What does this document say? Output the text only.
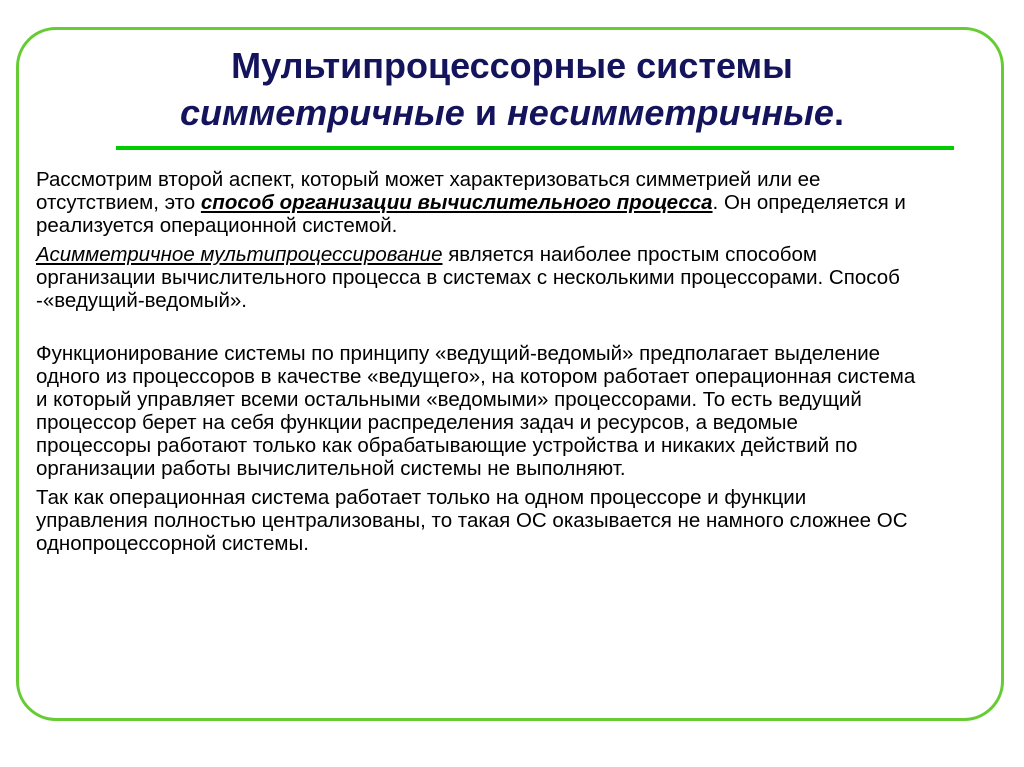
Мультипроцессорные системы
симметричные и несимметричные.

Рассмотрим второй аспект, который может характеризоваться симметрией или ее отсутствием, это способ организации вычислительного процесса. Он определяется и реализуется операционной системой.

Асимметричное мультипроцессирование является наиболее простым способом организации вычислительного процесса в системах с несколькими процессорами. Способ -«ведущий-ведомый».

Функционирование системы по принципу «ведущий-ведомый» предполагает выделение одного из процессоров в качестве «ведущего», на котором работает операционная система и который управляет всеми остальными «ведомыми» процессорами. То есть ведущий процессор берет на себя функции распределения задач и ресурсов, а ведомые процессоры работают только как обрабатывающие устройства и никаких действий по организации работы вычислительной системы не выполняют.

Так как операционная система работает только на одном процессоре и функции управления полностью централизованы, то такая ОС оказывается не намного сложнее ОС однопроцессорной системы.
